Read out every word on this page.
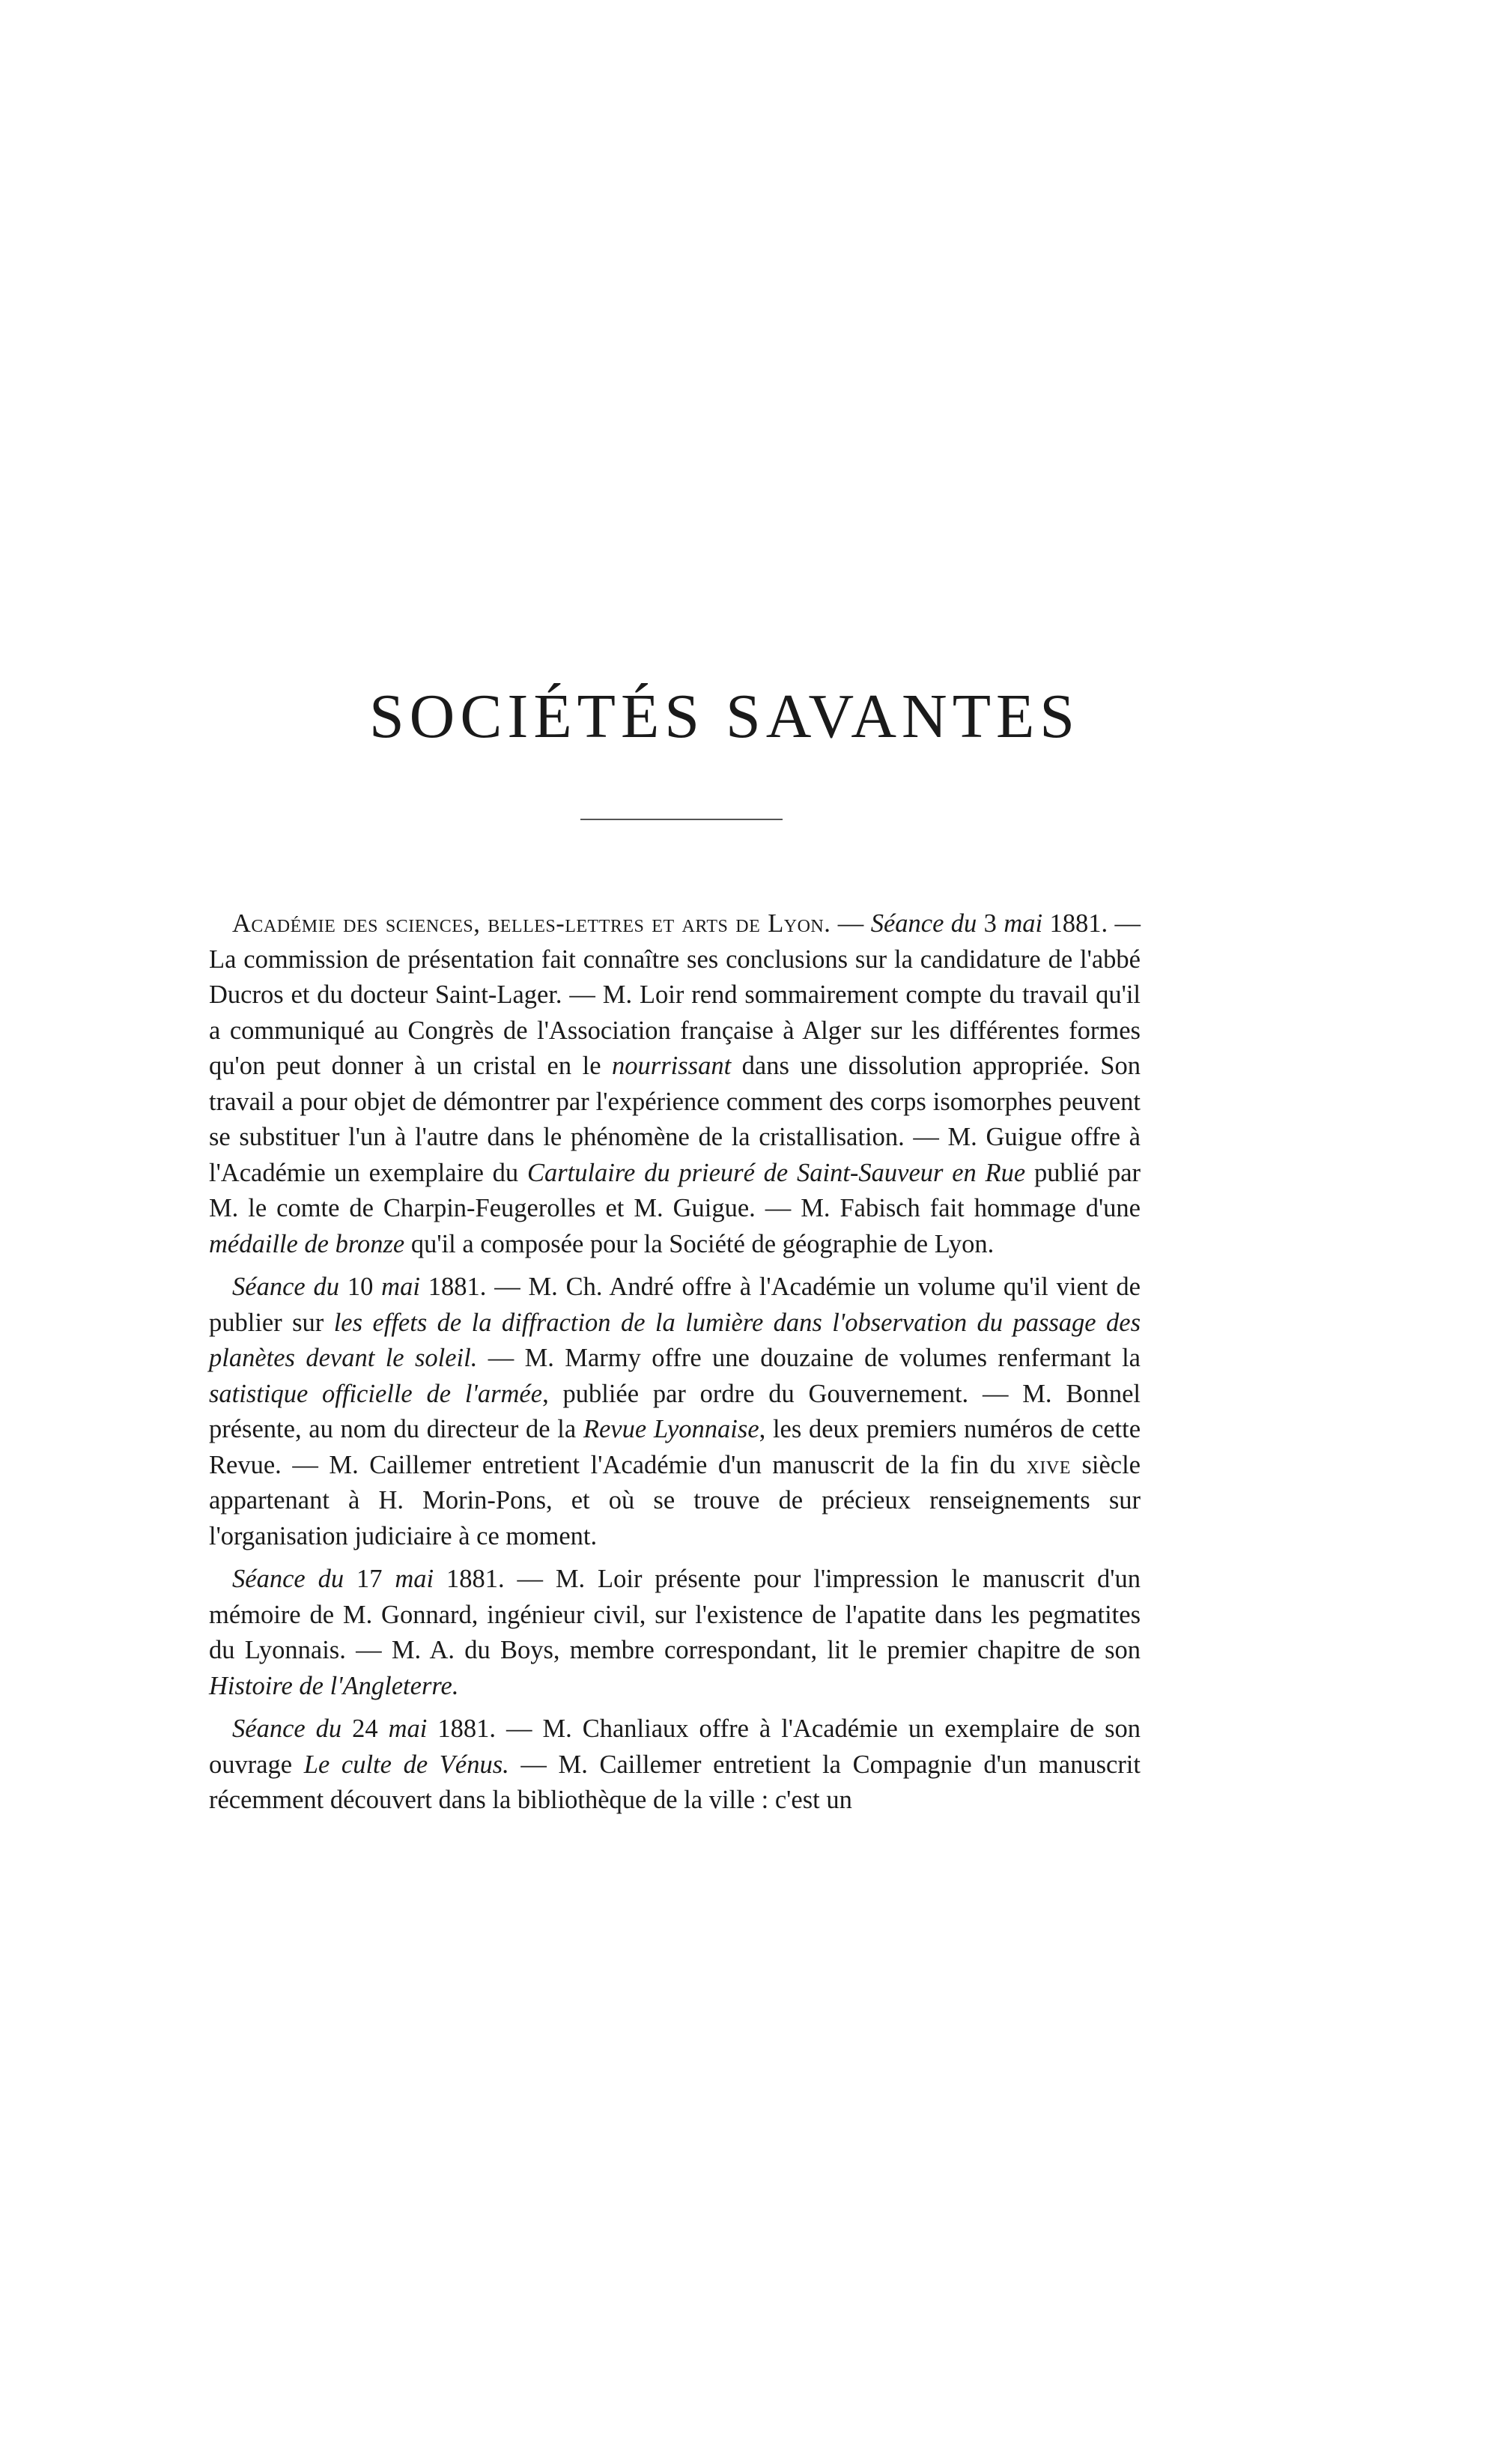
SOCIÉTÉS SAVANTES

Académie des sciences, belles-lettres et arts de Lyon. — Séance du 3 mai 1881. — La commission de présentation fait connaître ses conclusions sur la candidature de l'abbé Ducros et du docteur Saint-Lager. — M. Loir rend sommairement compte du travail qu'il a communiqué au Congrès de l'Association française à Alger sur les différentes formes qu'on peut donner à un cristal en le nourrissant dans une dissolution appropriée. Son travail a pour objet de démontrer par l'expérience comment des corps isomorphes peuvent se substituer l'un à l'autre dans le phénomène de la cristallisation. — M. Guigue offre à l'Académie un exemplaire du Cartulaire du prieuré de Saint-Sauveur en Rue publié par M. le comte de Charpin-Feugerolles et M. Guigue. — M. Fabisch fait hommage d'une médaille de bronze qu'il a composée pour la Société de géographie de Lyon.

Séance du 10 mai 1881. — M. Ch. André offre à l'Académie un volume qu'il vient de publier sur les effets de la diffraction de la lumière dans l'observation du passage des planètes devant le soleil. — M. Marmy offre une douzaine de volumes renfermant la satistique officielle de l'armée, publiée par ordre du Gouvernement. — M. Bonnel présente, au nom du directeur de la Revue Lyonnaise, les deux premiers numéros de cette Revue. — M. Caillemer entretient l'Académie d'un manuscrit de la fin du xive siècle appartenant à H. Morin-Pons, et où se trouve de précieux renseignements sur l'organisation judiciaire à ce moment.

Séance du 17 mai 1881. — M. Loir présente pour l'impression le manuscrit d'un mémoire de M. Gonnard, ingénieur civil, sur l'existence de l'apatite dans les pegmatites du Lyonnais. — M. A. du Boys, membre correspondant, lit le premier chapitre de son Histoire de l'Angleterre.

Séance du 24 mai 1881. — M. Chanliaux offre à l'Académie un exemplaire de son ouvrage Le culte de Vénus. — M. Caillemer entretient la Compagnie d'un manuscrit récemment découvert dans la bibliothèque de la ville : c'est un
